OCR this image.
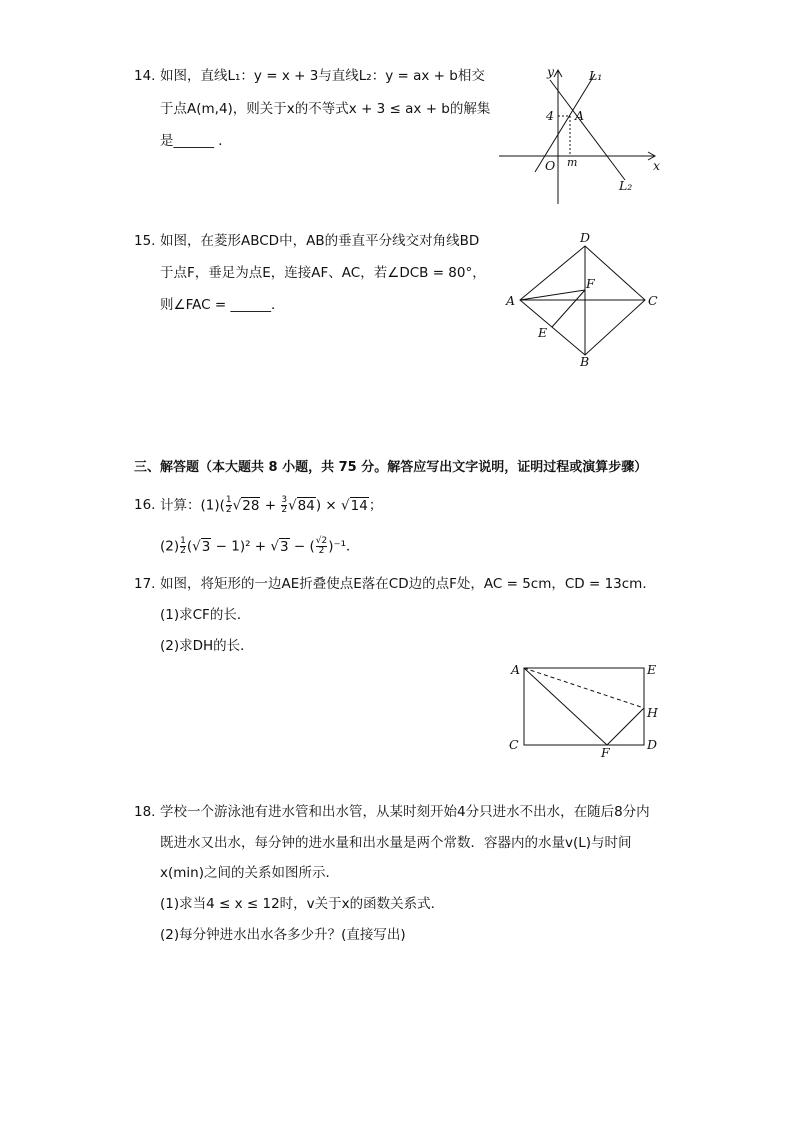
14. 如图，直线L₁：y = x + 3与直线L₂：y = ax + b相交
于点A(m,4)，则关于x的不等式x + 3 ≤ ax + b的解集
是______ ．
y
x
L₁
L₂
A
4
O m
15. 如图，在菱形ABCD中，AB的垂直平分线交对角线BD
于点F，垂足为点E，连接AF、AC，若∠DCB = 80°，
则∠FAC = ______．
D
A	C
B
F
E
三、解答题（本大题共 8 小题，共 75 分。解答应写出文字说明，证明过程或演算步骤）
16. 计算：$(1)( \frac{1}{2} √28 + \frac{3}{2} √84) \times √14$；
$(2) \frac{1}{2} (√3 - 1)^2 + √3$ − ( $\frac{√2}{2} )^{-1}$．
17. 如图，将矩形的一边AE折叠使点E落在CD边的点F处，AC = 5cm，CD = 13cm．
(1)求CF的长．
(2)求DH的长．
A	E
H
C
F
D
18. 学校一个游泳池有进水管和出水管，从某时刻开始4分只进水不出水，在随后8分内
既进水又出水，每分钟的进水量和出水量是两个常数．容器内的水量v(L)与时间
x(min)之间的关系如图所示．
(1)求当4 ≤ x ≤ 12时，v关于x的函数关系式．
(2)每分钟进水出水各多少升？(直接写出)
